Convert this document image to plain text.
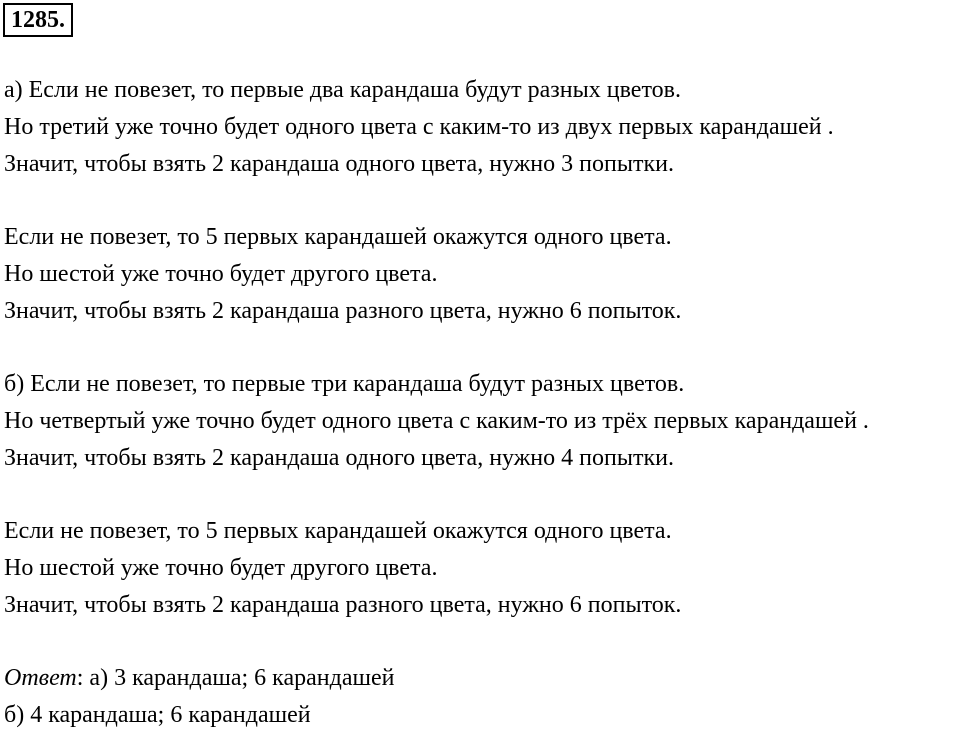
1285.
а) Если не повезет, то первые два карандаша будут разных цветов.
Но третий уже точно будет одного цвета с каким-то из двух первых карандашей .
Значит, чтобы взять 2 карандаша одного цвета, нужно 3 попытки.
Если не повезет, то 5 первых карандашей окажутся одного цвета.
Но шестой уже точно будет другого цвета.
Значит, чтобы взять 2 карандаша разного цвета, нужно 6 попыток.
б) Если не повезет, то первые три карандаша будут разных цветов.
Но четвертый уже точно будет одного цвета с каким-то из трёх первых карандашей .
Значит, чтобы взять 2 карандаша одного цвета, нужно 4 попытки.
Если не повезет, то 5 первых карандашей окажутся одного цвета.
Но шестой уже точно будет другого цвета.
Значит, чтобы взять 2 карандаша разного цвета, нужно 6 попыток.
Ответ: а) 3 карандаша; 6 карандашей
б) 4 карандаша; 6 карандашей
